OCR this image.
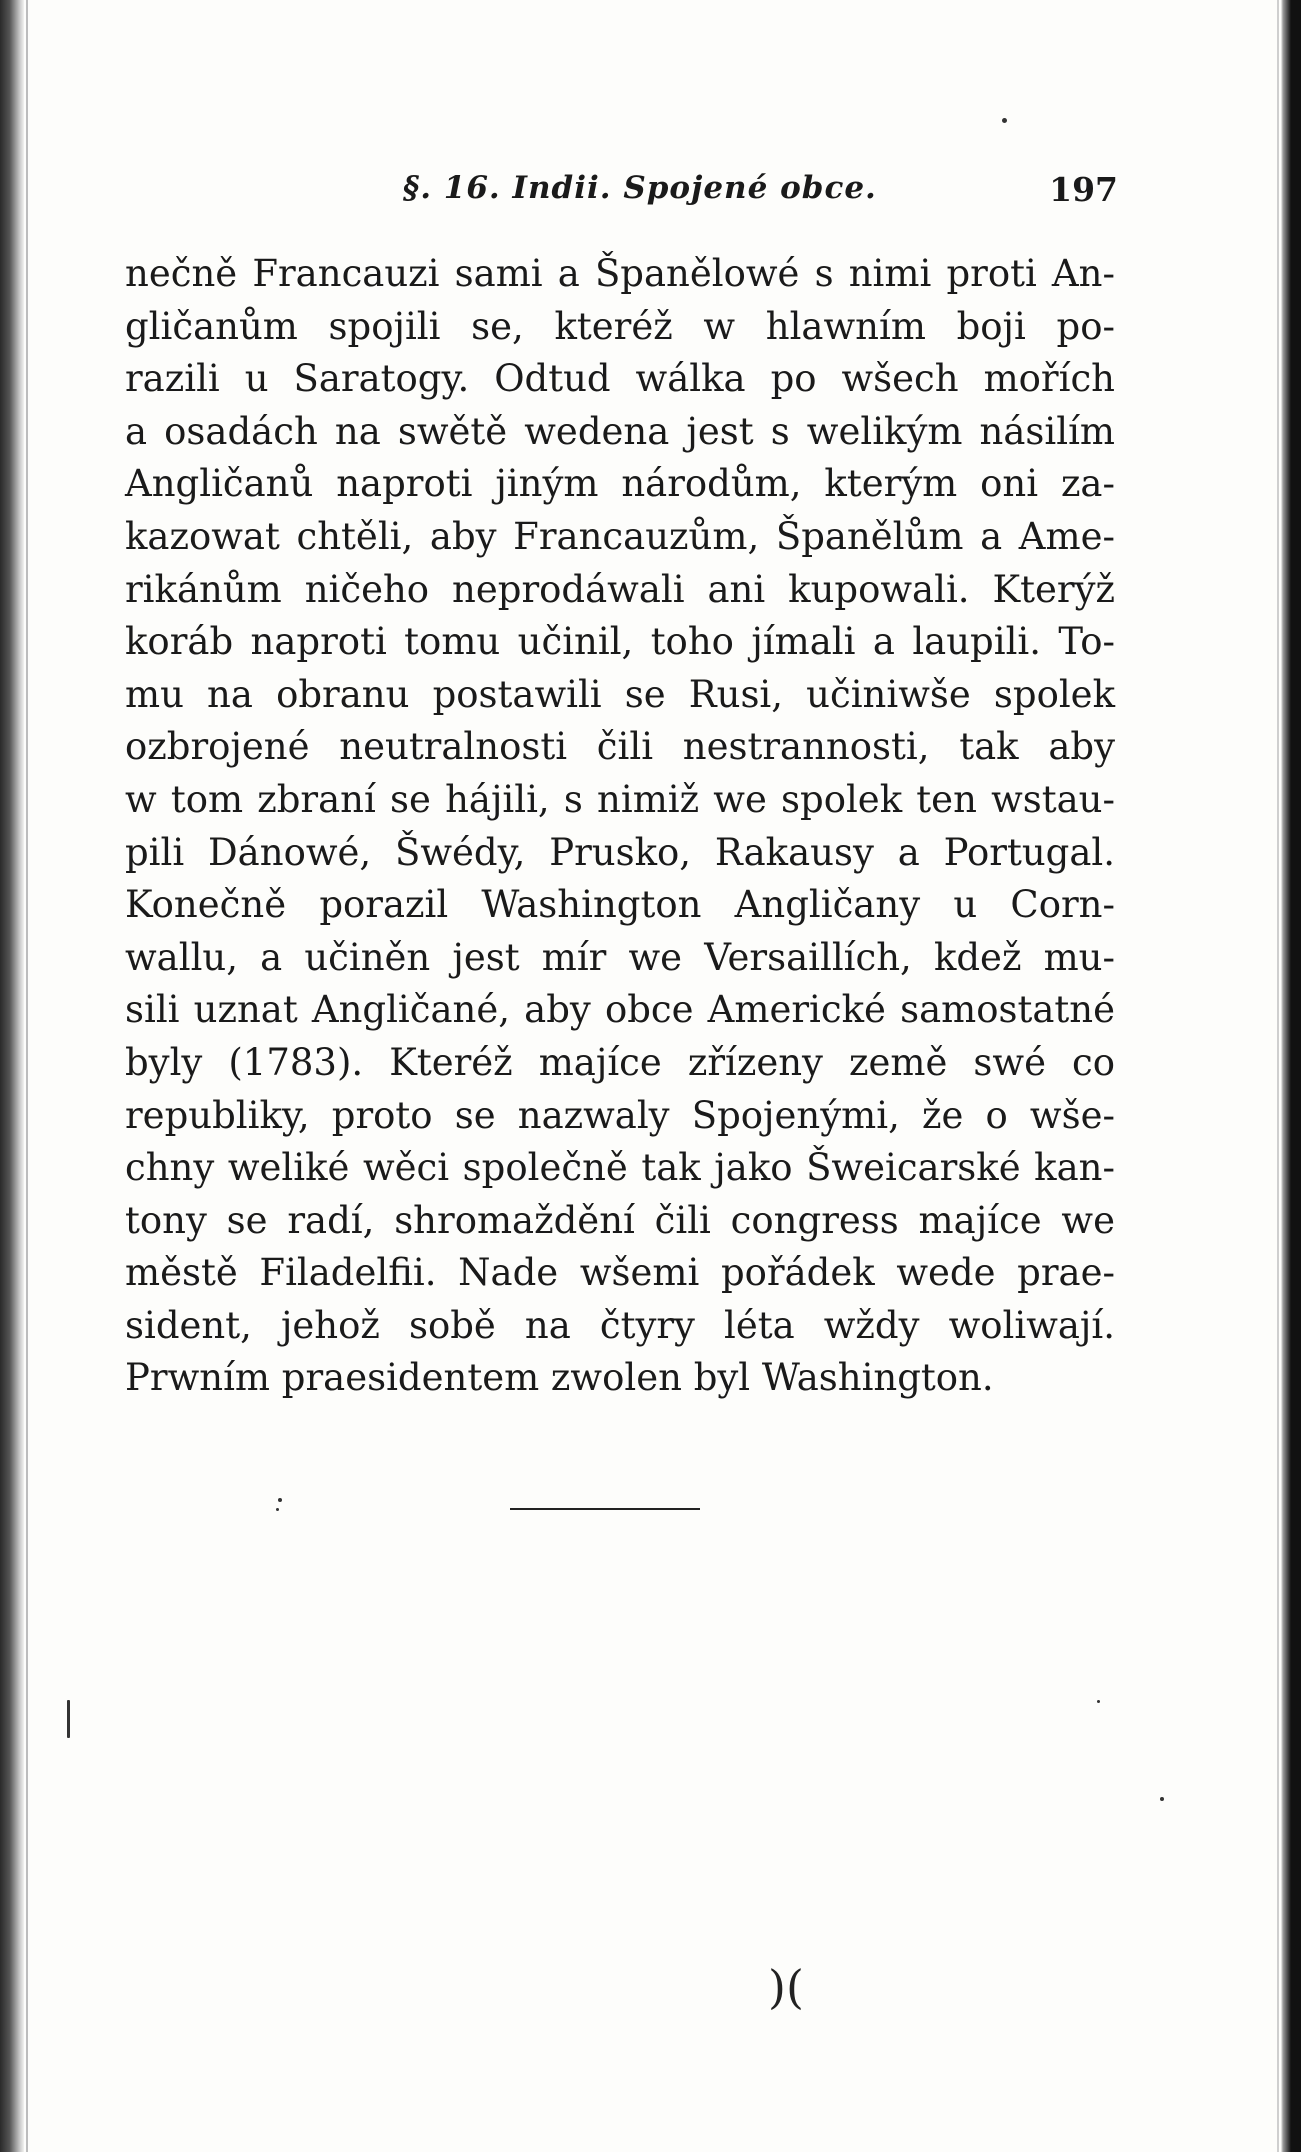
§. 16. Indii. Spojené obce.	197
nečně Francauzi sami a Španělowé s nimi proti An-
gličanům spojili se, kteréž w hlawním boji po-
razili u Saratogy. Odtud wálka po wšech mořích
a osadách na swětě wedena jest s welikým násilím
Angličanů naproti jiným národům, kterým oni za-
kazowat chtěli, aby Francauzům, Španělům a Ame-
rikánům ničeho neprodáwali ani kupowali. Kterýž
koráb naproti tomu učinil, toho jímali a laupili. To-
mu na obranu postawili se Rusi, učiniwše spolek
ozbrojené neutralnosti čili nestrannosti, tak aby
w tom zbraní se hájili, s nimiž we spolek ten wstau-
pili Dánowé, Šwédy, Prusko, Rakausy a Portugal.
Konečně porazil Washington Angličany u Corn-
wallu, a učiněn jest mír we Versaillích, kdež mu-
sili uznat Angličané, aby obce Americké samostatné
byly (1783). Kteréž majíce zřízeny země swé co
republiky, proto se nazwaly Spojenými, že o wše-
chny weliké wěci společně tak jako Šweicarské kan-
tony se radí, shromaždění čili congress majíce we
městě Filadelfii. Nade wšemi pořádek wede prae-
sident, jehož sobě na čtyry léta wždy woliwají.
Prwním praesidentem zwolen byl Washington.
)(
